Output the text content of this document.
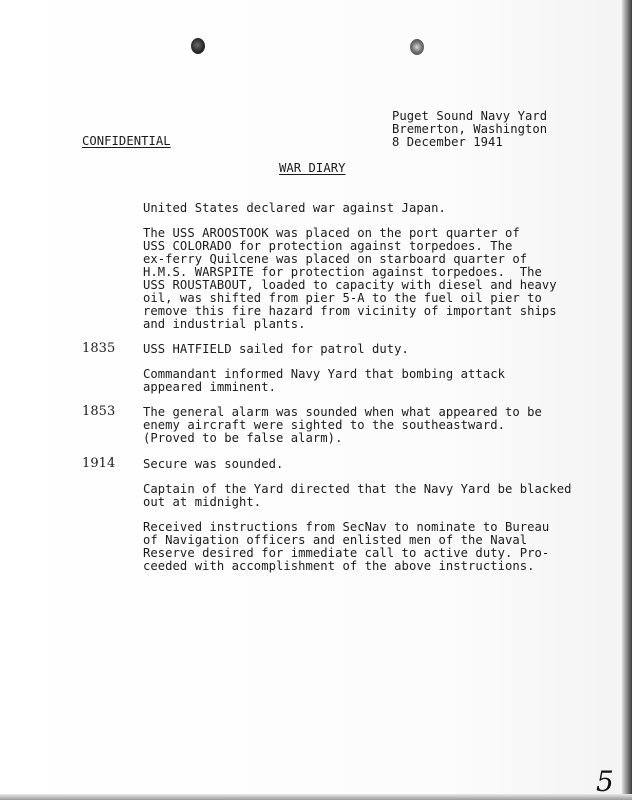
Puget Sound Navy Yard
Bremerton, Washington
8 December 1941
CONFIDENTIAL
WAR DIARY
United States declared war against Japan.
The USS AROOSTOOK was placed on the port quarter of
USS COLORADO for protection against torpedoes. The
ex-ferry Quilcene was placed on starboard quarter of
H.M.S. WARSPITE for protection against torpedoes.  The
USS ROUSTABOUT, loaded to capacity with diesel and heavy
oil, was shifted from pier 5-A to the fuel oil pier to
remove this fire hazard from vicinity of important ships
and industrial plants.
1835 USS HATFIELD sailed for patrol duty.
Commandant informed Navy Yard that bombing attack
appeared imminent.
1853 The general alarm was sounded when what appeared to be
enemy aircraft were sighted to the southeastward.
(Proved to be false alarm).
1914 Secure was sounded.
Captain of the Yard directed that the Navy Yard be blacked
out at midnight.
Received instructions from SecNav to nominate to Bureau
of Navigation officers and enlisted men of the Naval
Reserve desired for immediate call to active duty. Pro-
ceeded with accomplishment of the above instructions.
5
